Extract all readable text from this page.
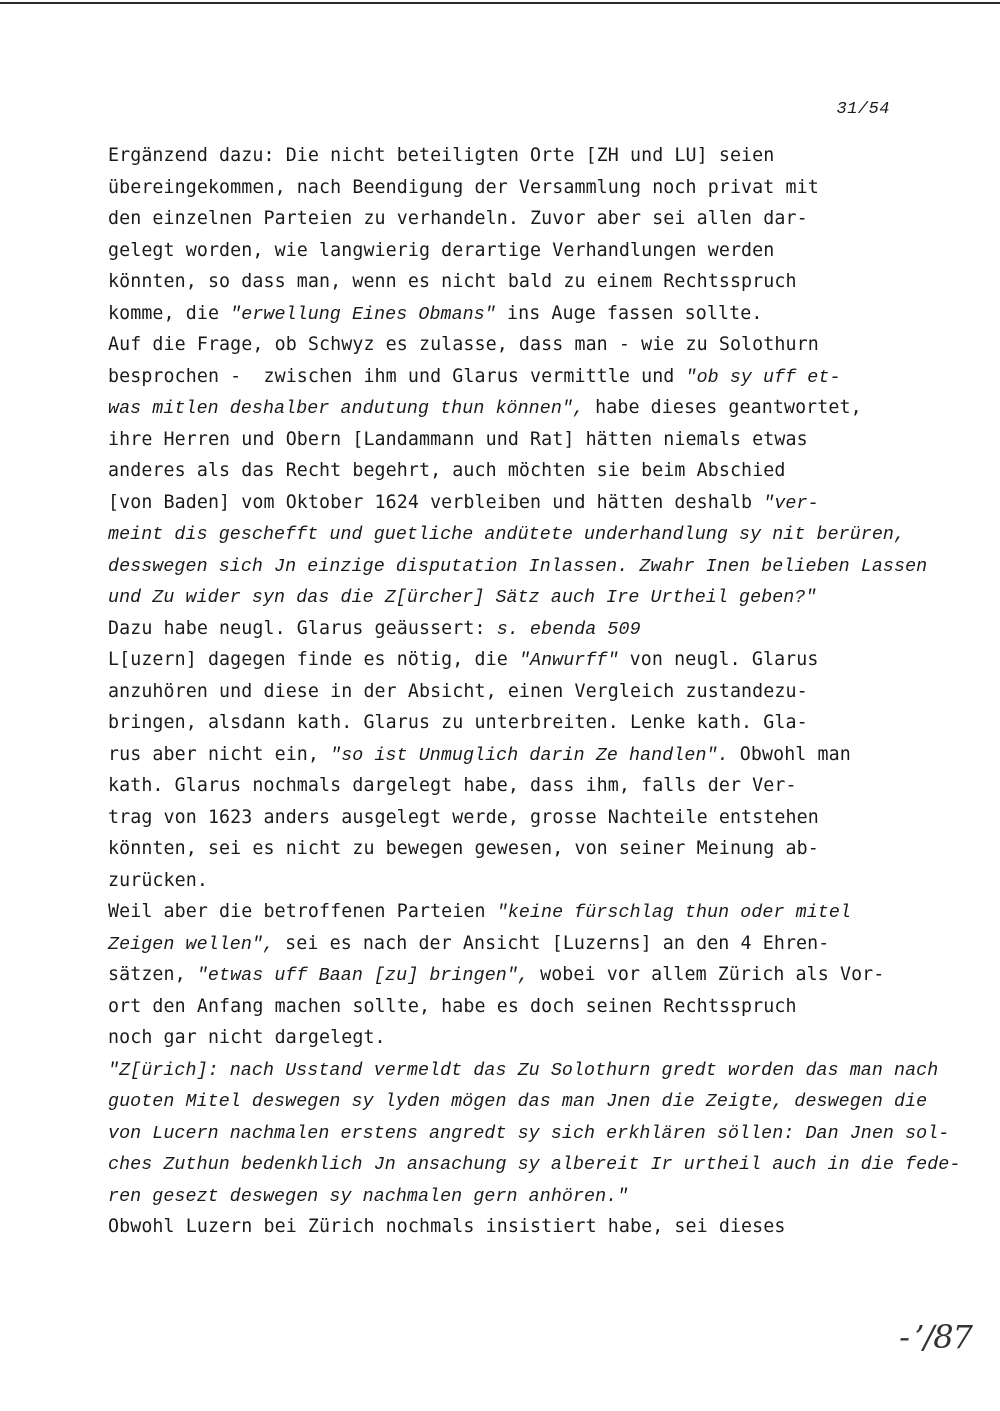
31/54
Ergänzend dazu: Die nicht beteiligten Orte [ZH und LU] seien
übereingekommen, nach Beendigung der Versammlung noch privat mit
den einzelnen Parteien zu verhandeln. Zuvor aber sei allen dar-
gelegt worden, wie langwierig derartige Verhandlungen werden
könnten, so dass man, wenn es nicht bald zu einem Rechtsspruch
komme, die "erwellung Eines Obmans" ins Auge fassen sollte.
Auf die Frage, ob Schwyz es zulasse, dass man - wie zu Solothurn
besprochen -  zwischen ihm und Glarus vermittle und "ob sy uff et-
was mitlen deshalber andutung thun können", habe dieses geantwortet,
ihre Herren und Obern [Landammann und Rat] hätten niemals etwas
anderes als das Recht begehrt, auch möchten sie beim Abschied
[von Baden] vom Oktober 1624 verbleiben und hätten deshalb "ver-
meint dis geschefft und guetliche andütete underhandlung sy nit berüren,
desswegen sich Jn einzige disputation Inlassen. Zwahr Inen belieben Lassen
und Zu wider syn das die Z[ürcher] Sätz auch Ire Urtheil geben?"
Dazu habe neugl. Glarus geäussert: s. ebenda 509
L[uzern] dagegen finde es nötig, die "Anwurff" von neugl. Glarus
anzuhören und diese in der Absicht, einen Vergleich zustandezu-
bringen, alsdann kath. Glarus zu unterbreiten. Lenke kath. Gla-
rus aber nicht ein, "so ist Unmuglich darin Ze handlen". Obwohl man
kath. Glarus nochmals dargelegt habe, dass ihm, falls der Ver-
trag von 1623 anders ausgelegt werde, grosse Nachteile entstehen
könnten, sei es nicht zu bewegen gewesen, von seiner Meinung ab-
zurücken.
Weil aber die betroffenen Parteien "keine fürschlag thun oder mitel
Zeigen wellen", sei es nach der Ansicht [Luzerns] an den 4 Ehren-
sätzen, "etwas uff Baan [zu] bringen", wobei vor allem Zürich als Vor-
ort den Anfang machen sollte, habe es doch seinen Rechtsspruch
noch gar nicht dargelegt.
"Z[ürich]: nach Usstand vermeldt das Zu Solothurn gredt worden das man nach
guoten Mitel deswegen sy lyden mögen das man Jnen die Zeigte, deswegen die
von Lucern nachmalen erstens angredt sy sich erkhlären söllen: Dan Jnen sol-
ches Zuthun bedenkhlich Jn ansachung sy albereit Ir urtheil auch in die fede-
ren gesezt deswegen sy nachmalen gern anhören."
Obwohl Luzern bei Zürich nochmals insistiert habe, sei dieses
- ’/87
